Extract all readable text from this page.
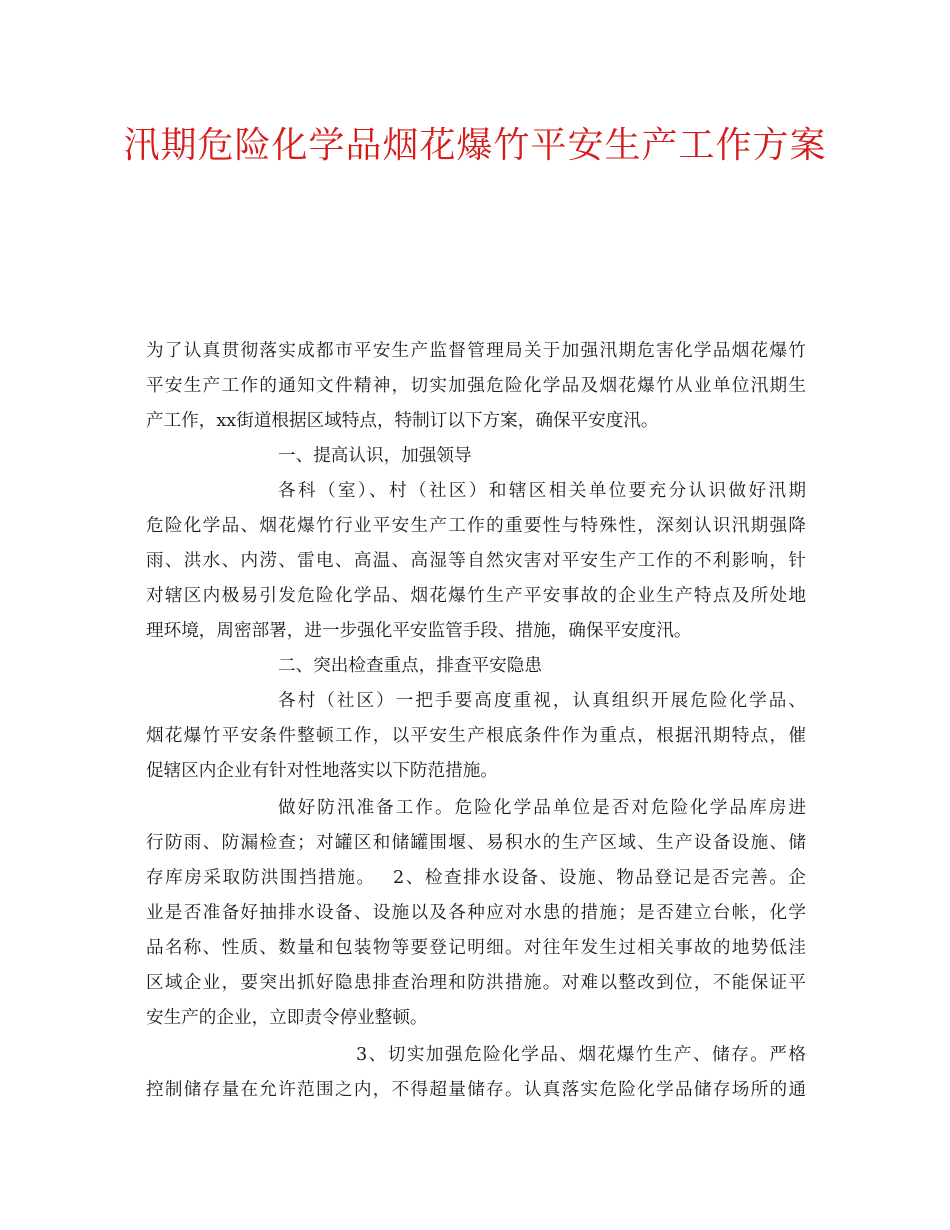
汛期危险化学品烟花爆竹平安生产工作方案
为了认真贯彻落实成都市平安生产监督管理局关于加强汛期危害化学品烟花爆竹
平安生产工作的通知文件精神，切实加强危险化学品及烟花爆竹从业单位汛期生
产工作，xx街道根据区域特点，特制订以下方案，确保平安度汛。
一、提高认识，加强领导
各科（室）、村（社区）和辖区相关单位要充分认识做好汛期
危险化学品、烟花爆竹行业平安生产工作的重要性与特殊性，深刻认识汛期强降
雨、洪水、内涝、雷电、高温、高湿等自然灾害对平安生产工作的不利影响，针
对辖区内极易引发危险化学品、烟花爆竹生产平安事故的企业生产特点及所处地
理环境，周密部署，进一步强化平安监管手段、措施，确保平安度汛。
二、突出检查重点，排查平安隐患
各村（社区）一把手要高度重视，认真组织开展危险化学品、
烟花爆竹平安条件整顿工作，以平安生产根底条件作为重点，根据汛期特点，催
促辖区内企业有针对性地落实以下防范措施。
做好防汛准备工作。危险化学品单位是否对危险化学品库房进
行防雨、防漏检查；对罐区和储罐围堰、易积水的生产区域、生产设备设施、储
存库房采取防洪围挡措施。　 2、检查排水设备、设施、物品登记是否完善。企
业是否准备好抽排水设备、设施以及各种应对水患的措施；是否建立台帐，化学
品名称、性质、数量和包装物等要登记明细。对往年发生过相关事故的地势低洼
区域企业，要突出抓好隐患排查治理和防洪措施。对难以整改到位，不能保证平
安生产的企业，立即责令停业整顿。
3、切实加强危险化学品、烟花爆竹生产、储存。严格
控制储存量在允许范围之内，不得超量储存。认真落实危险化学品储存场所的通
